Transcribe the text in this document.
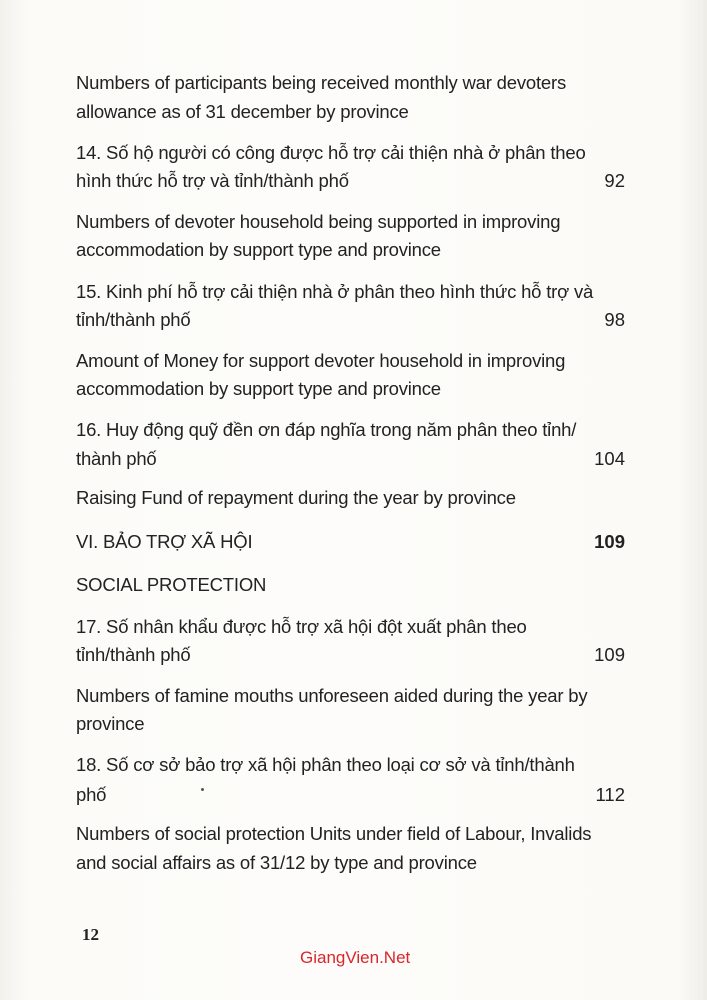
Numbers of participants being received monthly war devoters
allowance as of 31 december by province
14. Số hộ người có công được hỗ trợ cải thiện nhà ở phân theo
hình thức hỗ trợ và tỉnh/thành phố	92
Numbers of devoter household being supported in improving
accommodation by support type and province
15. Kinh phí hỗ trợ cải thiện nhà ở phân theo hình thức hỗ trợ và
tỉnh/thành phố	98
Amount of Money for support devoter household in improving
accommodation by support type and province
16. Huy động quỹ đền ơn đáp nghĩa trong năm phân theo tỉnh/
thành phố	104
Raising Fund of repayment during the year by province
VI. BẢO TRỢ XÃ HỘI	109
SOCIAL PROTECTION
17. Số nhân khẩu được hỗ trợ xã hội đột xuất phân theo
tỉnh/thành phố	109
Numbers of famine mouths unforeseen aided during the year by
province
18. Số cơ sở bảo trợ xã hội phân theo loại cơ sở và tỉnh/thành
phố	112
Numbers of social protection Units under field of Labour, Invalids
and social affairs as of 31/12 by type and province
12
GiangVien.Net
